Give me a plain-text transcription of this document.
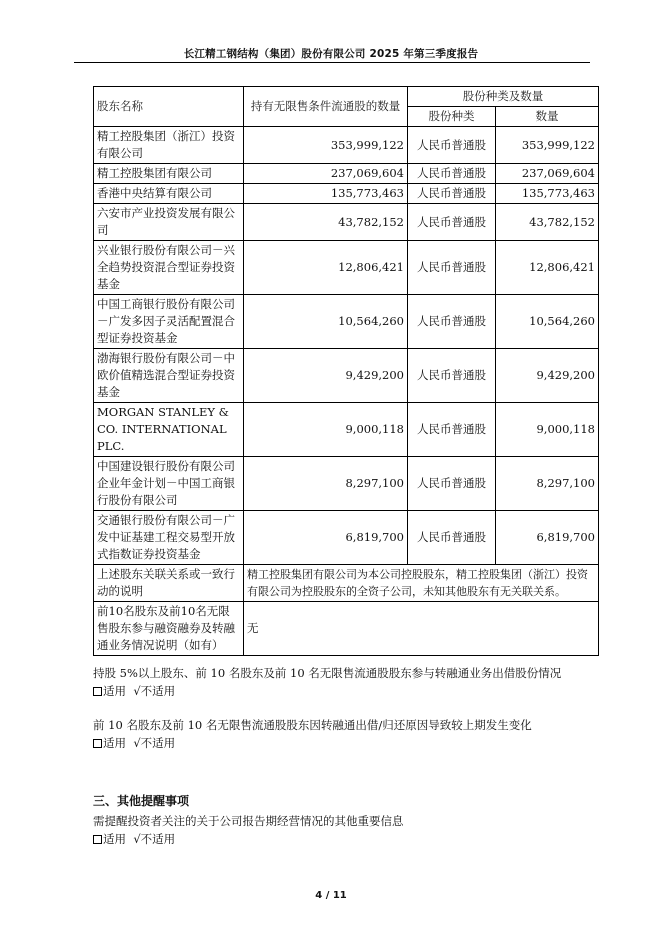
长江精工钢结构（集团）股份有限公司 2025 年第三季度报告
股东名称	持有无限售条件流通股的数量	股份种类及数量	
		股份种类	数量
精工控股集团（浙江）投资有限公司	353,999,122	人民币普通股	353,999,122
精工控股集团有限公司	237,069,604	人民币普通股	237,069,604
香港中央结算有限公司	135,773,463	人民币普通股	135,773,463
六安市产业投资发展有限公司	43,782,152	人民币普通股	43,782,152
兴业银行股份有限公司－兴全趋势投资混合型证券投资基金	12,806,421	人民币普通股	12,806,421
中国工商银行股份有限公司－广发多因子灵活配置混合型证券投资基金	10,564,260	人民币普通股	10,564,260
渤海银行股份有限公司－中欧价值精选混合型证券投资基金	9,429,200	人民币普通股	9,429,200
MORGAN STANLEY & CO. INTERNATIONAL PLC.	9,000,118	人民币普通股	9,000,118
中国建设银行股份有限公司企业年金计划－中国工商银行股份有限公司	8,297,100	人民币普通股	8,297,100
交通银行股份有限公司－广发中证基建工程交易型开放式指数证券投资基金	6,819,700	人民币普通股	6,819,700
上述股东关联关系或一致行动的说明	精工控股集团有限公司为本公司控股股东，精工控股集团（浙江）投资有限公司为控股股东的全资子公司，未知其他股东有无关联关系。		
前10名股东及前10名无限售股东参与融资融券及转融通业务情况说明（如有）	无		
持股 5%以上股东、前 10 名股东及前 10 名无限售流通股股东参与转融通业务出借股份情况
适用 √不适用
前 10 名股东及前 10 名无限售流通股股东因转融通出借/归还原因导致较上期发生变化
适用 √不适用
三、其他提醒事项
需提醒投资者关注的关于公司报告期经营情况的其他重要信息
适用 √不适用
4 / 11
